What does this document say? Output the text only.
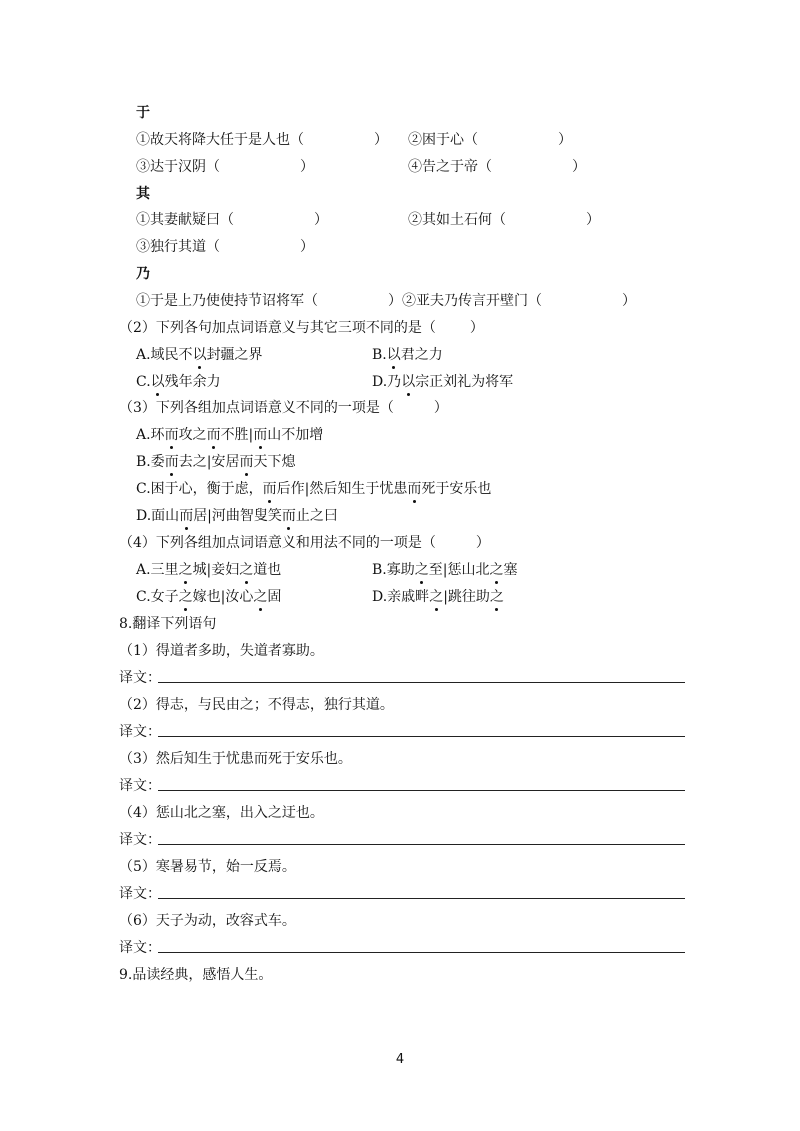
于
①故天将降大任于是人也（	） ②困于心（	）
③达于汉阴（	）	④告之于帝（	）
其
①其妻献疑曰（	）	②其如土石何（	）
③独行其道（	）
乃
①于是上乃使使持节诏将军（	）②亚夫乃传言开壁门（	）
（2）下列各句加点词语意义与其它三项不同的是（ ）
A.域民不以封疆之界	B.以君之力
C.以残年余力	D.乃以宗正刘礼为将军
（3）下列各组加点词语意义不同的一项是（	）
A.环而攻之而不胜|而山不加增
B.委而去之|安居而天下熄
C.困于心，衡于虑，而后作|然后知生于忧患而死于安乐也
D.面山而居|河曲智叟笑而止之曰
（4）下列各组加点词语意义和用法不同的一项是（	）
A.三里之城|妾妇之道也	B.寡助之至|惩山北之塞
C.女子之嫁也|汝心之固	D.亲戚畔之|跳往助之
8.翻译下列语句
（1）得道者多助，失道者寡助。
译文：
（2）得志，与民由之；不得志，独行其道。
译文：
（3）然后知生于忧患而死于安乐也。
译文：
（4）惩山北之塞，出入之迂也。
译文：
（5）寒暑易节，始一反焉。
译文：
（6）天子为动，改容式车。
译文：
9.品读经典，感悟人生。
4
